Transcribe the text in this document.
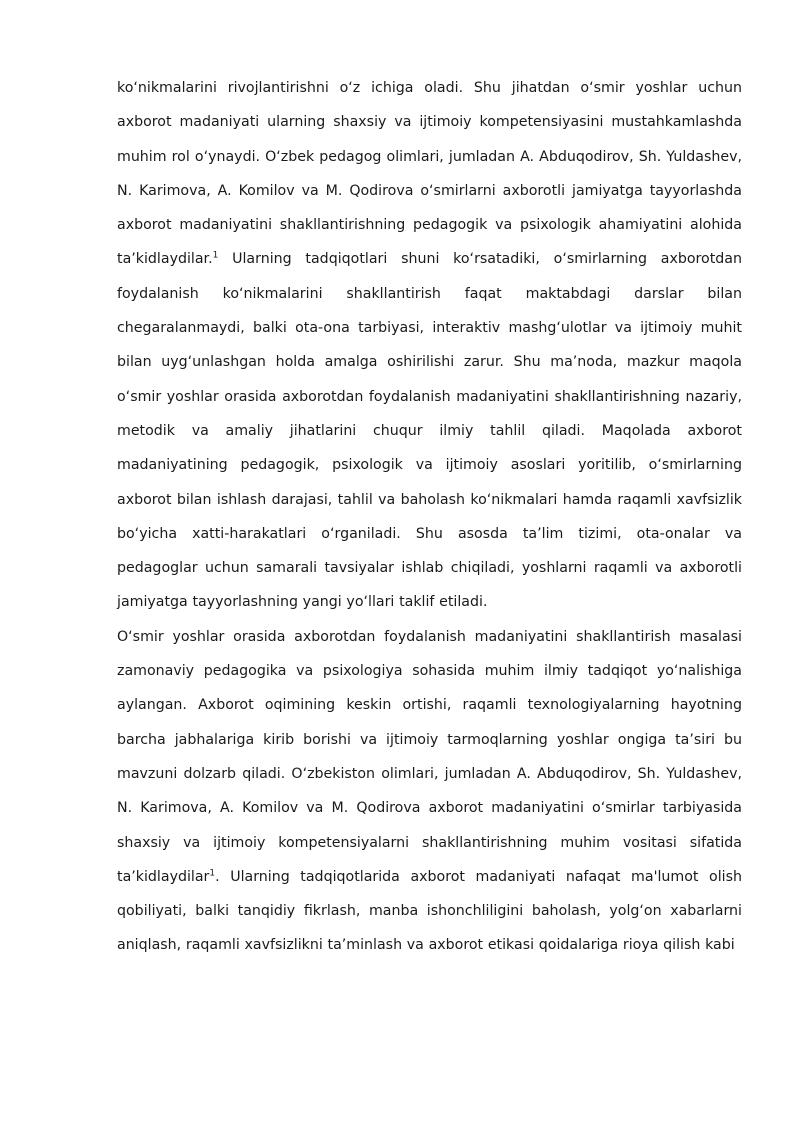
ko‘nikmalarini rivojlantirishni o‘z ichiga oladi. Shu jihatdan o‘smir yoshlar uchun axborot madaniyati ularning shaxsiy va ijtimoiy kompetensiyasini mustahkamlashda muhim rol o‘ynaydi. O‘zbek pedagog olimlari, jumladan A. Abduqodirov, Sh. Yuldashev, N. Karimova, A. Komilov va M. Qodirova o‘smirlarni axborotli jamiyatga tayyorlashda axborot madaniyatini shakllantirishning pedagogik va psixologik ahamiyatini alohida ta’kidlaydilar.$^1$ Ularning tadqiqotlari shuni ko‘rsatadiki, o‘smirlarning axborotdan foydalanish ko‘nikmalarini shakllantirish faqat maktabdagi darslar bilan chegaralanmaydi, balki ota-ona tarbiyasi, interaktiv mashg‘ulotlar va ijtimoiy muhit bilan uyg‘unlashgan holda amalga oshirilishi zarur. Shu ma’noda, mazkur maqola o‘smir yoshlar orasida axborotdan foydalanish madaniyatini shakllantirishning nazariy, metodik va amaliy jihatlarini chuqur ilmiy tahlil qiladi. Maqolada axborot madaniyatining pedagogik, psixologik va ijtimoiy asoslari yoritilib, o‘smirlarning axborot bilan ishlash darajasi, tahlil va baholash ko‘nikmalari hamda raqamli xavfsizlik bo‘yicha xatti-harakatlari o‘rganiladi. Shu asosda ta’lim tizimi, ota-onalar va pedagoglar uchun samarali tavsiyalar ishlab chiqiladi, yoshlarni raqamli va axborotli jamiyatga tayyorlashning yangi yo‘llari taklif etiladi.

O‘smir yoshlar orasida axborotdan foydalanish madaniyatini shakllantirish masalasi zamonaviy pedagogika va psixologiya sohasida muhim ilmiy tadqiqot yo‘nalishiga aylangan. Axborot oqimining keskin ortishi, raqamli texnologiyalarning hayotning barcha jabhalariga kirib borishi va ijtimoiy tarmoqlarning yoshlar ongiga ta’siri bu mavzuni dolzarb qiladi. O‘zbekiston olimlari, jumladan A. Abduqodirov, Sh. Yuldashev, N. Karimova, A. Komilov va M. Qodirova axborot madaniyatini o‘smirlar tarbiyasida shaxsiy va ijtimoiy kompetensiyalarni shakllantirishning muhim vositasi sifatida ta’kidlaydilar$^1$. Ularning tadqiqotlarida axborot madaniyati nafaqat ma'lumot olish qobiliyati, balki tanqidiy fikrlash, manba ishonchliligini baholash, yolg‘on xabarlarni aniqlash, raqamli xavfsizlikni ta’minlash va axborot etikasi qoidalariga rioya qilish kabi
